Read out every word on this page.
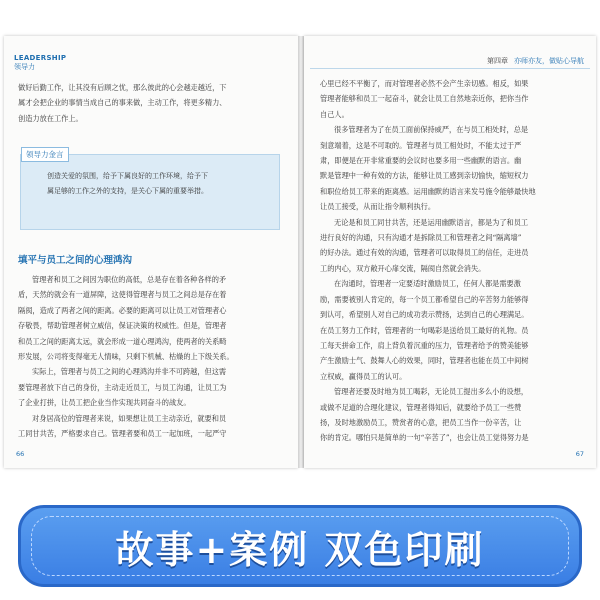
LEADERSHIP
领导力

做好后勤工作，让其没有后顾之忧，那么彼此的心会越走越近，下

属才会把企业的事情当成自己的事来做，主动工作，将更多精力、

创造力放在工作上。

领导力金言
创造关爱的氛围，给予下属良好的工作环境，给予下
属足够的工作之外的支持，是关心下属的重要举措。
填平与员工之间的心理鸿沟

管理者和员工之间因为职位的高低，总是存在着各种各样的矛

盾，天然的就会有一道屏障，这使得管理者与员工之间总是存在着

隔阂，造成了两者之间的距离。必要的距离可以让员工对管理者心

存敬畏，帮助管理者树立威信，保证决策的权威性。但是，管理者

和员工之间的距离太远，就会形成一道心理鸿沟，使两者的关系畸

形发展，公司将变得毫无人情味，只剩下机械、枯燥的上下级关系。

实际上，管理者与员工之间的心理鸿沟并非不可跨越，但这需

要管理者放下自己的身份，主动走近员工，与员工沟通，让员工为

了企业打拼，让员工把企业当作实现共同奋斗的战友。

对身居高位的管理者来说，如果想让员工主动亲近，就要和员

工同甘共苦，严格要求自己。管理者要和员工一起加班，一起严守

66
第四章 亦师亦友，做贴心导航

心里已经不平衡了，而对管理者必然不会产生亲切感。相反，如果

管理者能够和员工一起奋斗，就会让员工自然地亲近你，把你当作

自己人。

很多管理者为了在员工面前保持威严，在与员工相处时，总是

刻意端着，这是不可取的。管理者与员工相处时，不能太过于严

肃，即便是在开非常重要的会议时也要多用一些幽默的语言。幽

默是管理中一种有效的方法，能够让员工感到亲切愉快，缩短权力

和职位给员工带来的距离感。运用幽默的语言来发号施令能够最快地

让员工接受，从而让指令顺利执行。

无论是和员工同甘共苦，还是运用幽默语言，都是为了和员工

进行良好的沟通，只有沟通才是拆除员工和管理者之间“隔离墙”

的好办法。通过有效的沟通，管理者可以取得员工的信任，走进员

工的内心，双方敞开心扉交流，隔阂自然就会消失。

在沟通时，管理者一定要适时激励员工，任何人都是需要激

励，需要被别人肯定的，每一个员工都希望自己的辛苦努力能够得

到认可，希望别人对自己的成功表示赞扬，达到自己的心理满足。

在员工努力工作时，管理者的一句喝彩是送给员工最好的礼物。员

工每天拼命工作，肩上背负着沉重的压力，管理者给予的赞美能够

产生激励士气、鼓舞人心的效果，同时，管理者也能在员工中间树

立权威，赢得员工的认可。

管理者还要及时地为员工喝彩，无论员工提出多么小的设想，

或做不足道的合理化建议，管理者得知后，就要给予员工一些赞

扬，及时地激励员工，赞赏者的心意，把员工当作一份辛苦，让

你的肯定。哪怕只是简单的一句“辛苦了”，也会让员工觉得努力是

67
故事+案例 双色印刷
